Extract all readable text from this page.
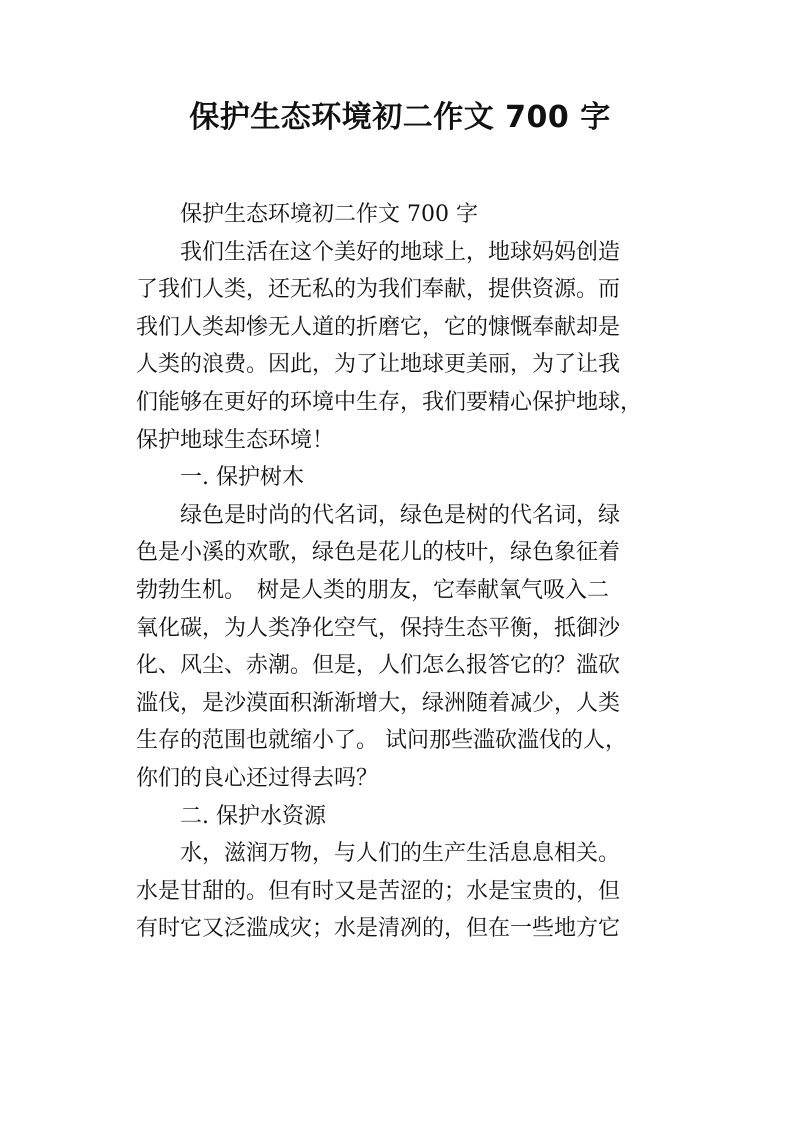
保护生态环境初二作文 700 字

保护生态环境初二作文 700 字

我们生活在这个美好的地球上，地球妈妈创造
了我们人类，还无私的为我们奉献，提供资源。而
我们人类却惨无人道的折磨它，它的慷慨奉献却是
人类的浪费。因此，为了让地球更美丽，为了让我
们能够在更好的环境中生存，我们要精心保护地球，
保护地球生态环境！

一. 保护树木

绿色是时尚的代名词，绿色是树的代名词，绿
色是小溪的欢歌，绿色是花儿的枝叶，绿色象征着
勃勃生机。　树是人类的朋友，它奉献氧气吸入二
氧化碳，为人类净化空气，保持生态平衡，抵御沙
化、风尘、赤潮。但是，人们怎么报答它的？滥砍
滥伐，是沙漠面积渐渐增大，绿洲随着减少，人类
生存的范围也就缩小了。 试问那些滥砍滥伐的人，
你们的良心还过得去吗？

二. 保护水资源

水，滋润万物，与人们的生产生活息息相关。
水是甘甜的。但有时又是苦涩的；水是宝贵的，但
有时它又泛滥成灾；水是清冽的，但在一些地方它
